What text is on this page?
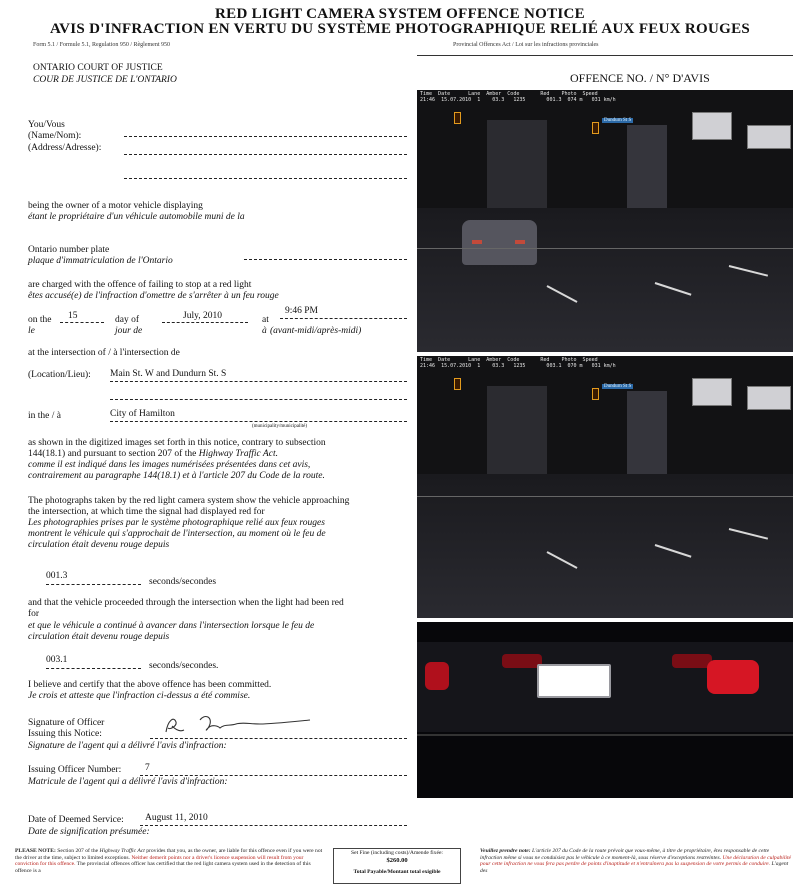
RED LIGHT CAMERA SYSTEM OFFENCE NOTICE
AVIS D'INFRACTION EN VERTU DU SYSTÈME PHOTOGRAPHIQUE RELIÉ AUX FEUX ROUGES
Form 5.1 / Formule 5.1, Regulation 950 / Règlement 950	Provincial Offences Act / Loi sur les infractions provinciales
ONTARIO COURT OF JUSTICE
COUR DE JUSTICE DE L'ONTARIO	OFFENCE NO. / N° D'AVIS
You/Vous
(Name/Nom):
(Address/Adresse):
being the owner of a motor vehicle displaying
étant le propriétaire d'un véhicule automobile muni de la
Ontario number plate
plaque d'immatriculation de l'Ontario
are charged with the offence of failing to stop at a red light
êtes accusé(e) de l'infraction d'omettre de s'arrêter à un feu rouge
on the
le
15	day of
jour de
July, 2010	at
à
9:46 PM
(avant-midi/après-midi)
at the intersection of / à l'intersection de
(Location/Lieu): Main St. W and Dundurn St. S
in the / à	City of Hamilton
(municipality/municipalité)
as shown in the digitized images set forth in this notice, contrary to subsection
144(18.1) and pursuant to section 207 of the Highway Traffic Act.
comme il est indiqué dans les images numérisées présentées dans cet avis,
contrairement au paragraphe 144(18.1) et à l'article 207 du Code de la route.
The photographs taken by the red light camera system show the vehicle approaching
the intersection, at which time the signal had displayed red for
Les photographies prises par le système photographique relié aux feux rouges
montrent le véhicule qui s'approchait de l'intersection, au moment où le feu de
circulation était devenu rouge depuis
001.3
seconds/secondes
and that the vehicle proceeded through the intersection when the light had been red
for
et que le véhicule a continué à avancer dans l'intersection lorsque le feu de
circulation était devenu rouge depuis
003.1
seconds/secondes.
I believe and certify that the above offence has been committed.
Je crois et atteste que l'infraction ci-dessus a été commise.
Signature of Officer
Issuing this Notice:
Signature de l'agent qui a délivré l'avis d'infraction:
Issuing Officer Number:	7
Matricule de l'agent qui a délivré l'avis d'infraction:
Date of Deemed Service: August 11, 2010
Date de signification présumée:
Time  Date      Lane  Amber  Code       Red    Photo  Speed
21:46  15.07.2010  1    03.3   1235       001.3  074 m   031 km/h
Dundurn St S
Time  Date      Lane  Amber  Code       Red    Photo  Speed
21:46  15.07.2010  1    03.3   1235       003.1  070 m   031 km/h
Dundurn St S
PLEASE NOTE: Section 207 of the Highway Traffic Act provides that you, as the owner, are liable for this offence even if you were not the driver at the time, subject to limited exceptions. Neither demerit points nor a driver's licence suspension will result from your conviction for this offence. The provincial offences officer has certified that the red light camera system used in the detection of this offence is a
Set Fine (including costs)/Amende fixée:
$260.00
Total Payable/Montant total exigible
Veuillez prendre note: L'article 207 du Code de la route prévoit que vous-même, à titre de propriétaire, êtes responsable de cette infraction même si vous ne conduisiez pas le véhicule à ce moment-là, sous réserve d'exceptions restreintes. Une déclaration de culpabilité pour cette infraction ne vous fera pas perdre de points d'inaptitude et n'entraînera pas la suspension de votre permis de conduire. L'agent des
